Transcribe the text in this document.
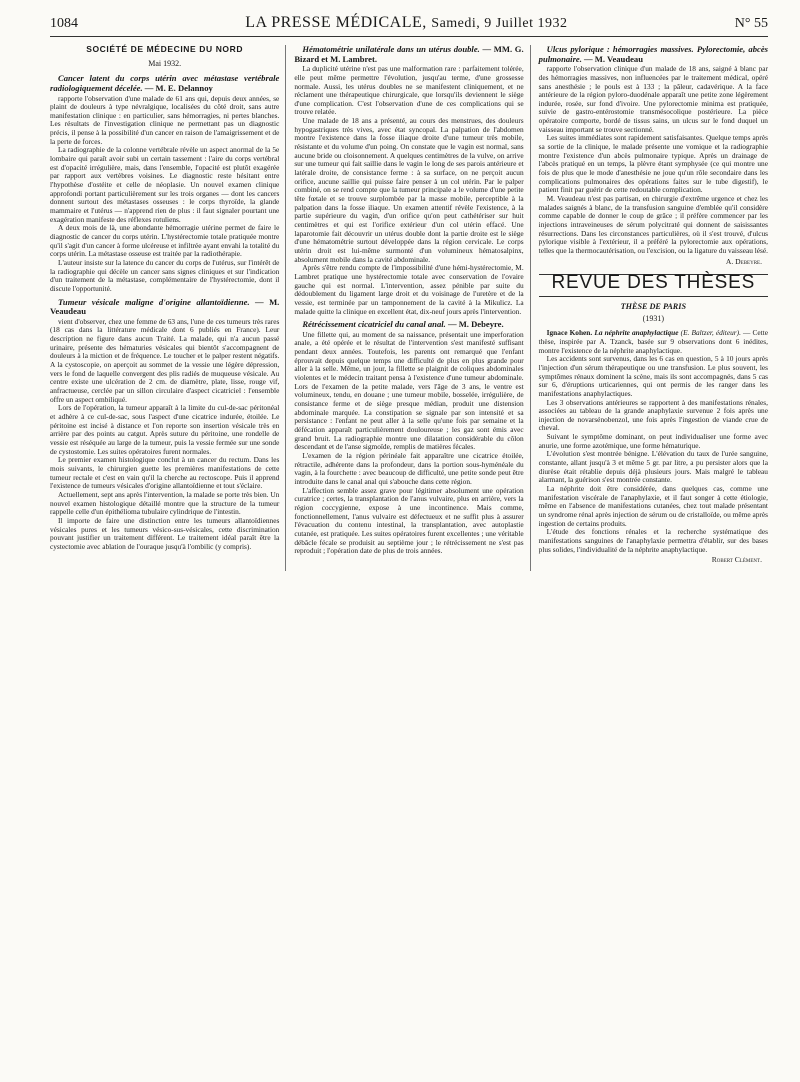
1084	LA PRESSE MÉDICALE, Samedi, 9 Juillet 1932	N° 55
SOCIÉTÉ DE MÉDECINE DU NORD
Mai 1932.
Cancer latent du corps utérin avec métastase vertébrale radiologiquement décelée. — M. E. Delannoy

rapporte l'observation d'une malade de 61 ans qui, depuis deux années, se plaint de douleurs à type névralgique, localisées du côté droit, sans autre manifestation clinique : en particulier, sans hémorragies, ni pertes blanches. Les résultats de l'investigation clinique ne permettant pas un diagnostic précis, il pense à la possibilité d'un cancer en raison de l'amaigrissement et de la perte de forces.

La radiographie de la colonne vertébrale révèle un aspect anormal de la 5e lombaire qui paraît avoir subi un certain tassement : l'aire du corps vertébral est d'opacité irrégulière, mais, dans l'ensemble, l'opacité est plutôt exagérée par rapport aux vertèbres voisines. Le diagnostic reste hésitant entre l'hypothèse d'ostéite et celle de néoplasie. Un nouvel examen clinique approfondi portant particulièrement sur les trois organes — dont les cancers donnent surtout des métastases osseuses : le corps thyroïde, la glande mammaire et l'utérus — n'apprend rien de plus : il faut signaler pourtant une exagération manifeste des réflexes rotuliens.

A deux mois de là, une abondante hémorragie utérine permet de faire le diagnostic de cancer du corps utérin. L'hystérectomie totale pratiquée montre qu'il s'agit d'un cancer à forme ulcéreuse et infiltrée ayant envahi la totalité du corps utérin. La métastase osseuse est traitée par la radiothérapie.

L'auteur insiste sur la latence du cancer du corps de l'utérus, sur l'intérêt de la radiographie qui décèle un cancer sans signes cliniques et sur l'indication d'un traitement de la métastase, complémentaire de l'hystérectomie, dont il discute l'opportunité.

Tumeur vésicale maligne d'origine allantoïdienne. — M. Veaudeau

vient d'observer, chez une femme de 63 ans, l'une de ces tumeurs très rares (18 cas dans la littérature médicale dont 6 publiés en France). Leur description ne figure dans aucun Traité. La malade, qui n'a aucun passé urinaire, présente des hématuries vésicales qui bientôt s'accompagnent de douleurs à la miction et de fréquence. Le toucher et le palper restent négatifs. A la cystoscopie, on aperçoit au sommet de la vessie une légère dépression, vers le fond de laquelle convergent des plis radiés de muqueuse vésicale. Au centre existe une ulcération de 2 cm. de diamètre, plate, lisse, rouge vif, anfractueuse, cerclée par un sillon circulaire d'aspect cicatriciel : l'ensemble offre un aspect ombiliqué.

Lors de l'opération, la tumeur apparaît à la limite du cul-de-sac péritonéal et adhère à ce cul-de-sac, sous l'aspect d'une cicatrice indurée, étoilée. Le péritoine est incisé à distance et l'on reporte son insertion vésicale très en arrière par des points au catgut. Après suture du péritoine, une rondelle de vessie est réséquée au large de la tumeur, puis la vessie fermée sur une sonde de cystostomie. Les suites opératoires furent normales.

Le premier examen histologique conclut à un cancer du rectum. Dans les mois suivants, le chirurgien guette les premières manifestations de cette tumeur rectale et c'est en vain qu'il la cherche au rectoscope. Puis il apprend l'existence de tumeurs vésicales d'origine allantoïdienne et tout s'éclaire.

Actuellement, sept ans après l'intervention, la malade se porte très bien. Un nouvel examen histologique détaillé montre que la structure de la tumeur rappelle celle d'un épithélioma tubulaire cylindrique de l'intestin.

Il importe de faire une distinction entre les tumeurs allantoïdiennes vésicales pures et les tumeurs vésico-sus-vésicales, cette discrimination pouvant justifier un traitement différent. Le traitement idéal paraît être la cystectomie avec ablation de l'ouraque jusqu'à l'ombilic (y compris).

Hématométrie unilatérale dans un utérus double. — MM. G. Bizard et M. Lambret.

La duplicité utérine n'est pas une malformation rare : parfaitement tolérée, elle peut même permettre l'évolution, jusqu'au terme, d'une grossesse normale. Aussi, les utérus doubles ne se manifestent cliniquement, et ne réclament une thérapeutique chirurgicale, que lorsqu'ils deviennent le siège d'une complication. C'est l'observation d'une de ces complications qui se trouve relatée.

Une malade de 18 ans a présenté, au cours des menstrues, des douleurs hypogastriques très vives, avec état syncopal. La palpation de l'abdomen montre l'existence dans la fosse iliaque droite d'une tumeur très mobile, résistante et du volume d'un poing. On constate que le vagin est normal, sans aucune bride ou cloisonnement. A quelques centimètres de la vulve, on arrive sur une tumeur qui fait saillie dans le vagin le long de ses parois antérieure et latérale droite, de consistance ferme : à sa surface, on ne perçoit aucun orifice, aucune saillie qui puisse faire penser à un col utérin. Par le palper combiné, on se rend compte que la tumeur principale a le volume d'une petite tête fœtale et se trouve surplombée par la masse mobile, perceptible à la palpation dans la fosse iliaque. Un examen attentif révèle l'existence, à la partie supérieure du vagin, d'un orifice qu'on peut cathétériser sur huit centimètres et qui est l'orifice extérieur d'un col utérin effacé. Une laparotomie fait découvrir un utérus double dont la partie droite est le siège d'une hématométrie surtout développée dans la région cervicale. Le corps utérin droit est lui-même surmonté d'un volumineux hématosalpinx, absolument mobile dans la cavité abdominale.

Après s'être rendu compte de l'impossibilité d'une hémi-hystérectomie, M. Lambret pratique une hystérectomie totale avec conservation de l'ovaire gauche qui est normal. L'intervention, assez pénible par suite du dédoublement du ligament large droit et du voisinage de l'uretère et de la vessie, est terminée par un tamponnement de la cavité à la Mikulicz. La malade quitte la clinique en excellent état, dix-neuf jours après l'intervention.

Rétrécissement cicatriciel du canal anal. — M. Debeyre.

Une fillette qui, au moment de sa naissance, présentait une imperforation anale, a été opérée et le résultat de l'intervention s'est manifesté suffisant pendant deux années. Toutefois, les parents ont remarqué que l'enfant éprouvait depuis quelque temps une difficulté de plus en plus grande pour aller à la selle. Même, un jour, la fillette se plaignit de coliques abdominales violentes et le médecin traitant pensa à l'existence d'une tumeur abdominale. Lors de l'examen de la petite malade, vers l'âge de 3 ans, le ventre est volumineux, tendu, en douane ; une tumeur mobile, bosselée, irrégulière, de consistance ferme et de siège presque médian, produit une distension abdominale marquée. La constipation se signale par son intensité et sa persistance : l'enfant ne peut aller à la selle qu'une fois par semaine et la défécation apparaît particulièrement douloureuse ; les gaz sont émis avec grand bruit. La radiographie montre une dilatation considérable du côlon descendant et de l'anse sigmoïde, remplis de matières fécales.

L'examen de la région périnéale fait apparaître une cicatrice étoilée, rétractile, adhérente dans la profondeur, dans la portion sous-hyménéale du vagin, à la fourchette : avec beaucoup de difficulté, une petite sonde peut être introduite dans le canal anal qui s'abouche dans cette région.

L'affection semble assez grave pour légitimer absolument une opération curatrice ; certes, la transplantation de l'anus vulvaire, plus en arrière, vers la région coccygienne, expose à une incontinence. Mais comme, fonctionnellement, l'anus vulvaire est défectueux et ne suffit plus à assurer l'évacuation du contenu intestinal, la transplantation, avec autoplastie cutanée, est pratiquée. Les suites opératoires furent excellentes ; une véritable débâcle fécale se produisit au septième jour ; le rétrécissement ne s'est pas reproduit ; l'opération date de plus de trois années.

Ulcus pylorique : hémorragies massives. Pylorectomie, abcès pulmonaire. — M. Veaudeau

rapporte l'observation clinique d'un malade de 18 ans, saigné à blanc par des hémorragies massives, non influencées par le traitement médical, opéré sans anesthésie ; le pouls est à 133 ; la pâleur, cadavérique. A la face antérieure de la région pyloro-duodénale apparaît une petite zone légèrement indurée, rosée, sur fond d'ivoire. Une pylorectomie minima est pratiquée, suivie de gastro-entérostomie transmésocolique postérieure. La pièce opératoire comporte, bordé de tissus sains, un ulcus sur le fond duquel un vaisseau important se trouve sectionné.

Les suites immédiates sont rapidement satisfaisantes. Quelque temps après sa sortie de la clinique, le malade présente une vomique et la radiographie montre l'existence d'un abcès pulmonaire typique. Après un drainage de l'abcès pratiqué en un temps, la plèvre étant symphysée (ce qui montre une fois de plus que le mode d'anesthésie ne joue qu'un rôle secondaire dans les complications pulmonaires des opérations faites sur le tube digestif), le patient finit par guérir de cette redoutable complication.

M. Veaudeau n'est pas partisan, en chirurgie d'extrême urgence et chez les malades saignés à blanc, de la transfusion sanguine d'emblée qu'il considère comme capable de donner le coup de grâce ; il préfère commencer par les injections intraveineuses de sérum polycitraté qui donnent de saisissantes résurrections. Dans les circonstances particulières, où il s'est trouvé, d'ulcus pylorique visible à l'extérieur, il a préféré la pylorectomie aux opérations, telles que la thermocautérisation, ou l'excision, ou la ligature du vaisseau lésé.

A. Debeyre.
REVUE DES THÈSES
THÈSE DE PARIS
(1931)

Ignace Kohen. La néphrite anaphylactique (E. Baltzer, éditeur). — Cette thèse, inspirée par A. Tzanck, basée sur 9 observations dont 6 inédites, montre l'existence de la néphrite anaphylactique.

Les accidents sont survenus, dans les 6 cas en question, 5 à 10 jours après l'injection d'un sérum thérapeutique ou une transfusion. Le plus souvent, les symptômes rénaux dominent la scène, mais ils sont accompagnés, dans 5 cas sur 6, d'éruptions urticariennes, qui ont permis de les ranger dans les manifestations anaphylactiques.

Les 3 observations antérieures se rapportent à des manifestations rénales, associées au tableau de la grande anaphylaxie survenue 2 fois après une injection de novarsénobenzol, une fois après l'ingestion de viande crue de cheval.

Suivant le symptôme dominant, on peut individualiser une forme avec anurie, une forme azotémique, une forme hématurique.

L'évolution s'est montrée bénigne. L'élévation du taux de l'urée sanguine, constante, allant jusqu'à 3 et même 5 gr. par litre, a pu persister alors que la diurèse était rétablie depuis déjà plusieurs jours. Mais malgré le tableau alarmant, la guérison s'est montrée constante.

La néphrite doit être considérée, dans quelques cas, comme une manifestation viscérale de l'anaphylaxie, et il faut songer à cette étiologie, même en l'absence de manifestations cutanées, chez tout malade présentant un syndrome rénal après injection de sérum ou de cristalloïde, ou même après ingestion de certains produits.

L'étude des fonctions rénales et la recherche systématique des manifestations sanguines de l'anaphylaxie permettra d'établir, sur des bases plus solides, l'individualité de la néphrite anaphylactique.

Robert Clément.
